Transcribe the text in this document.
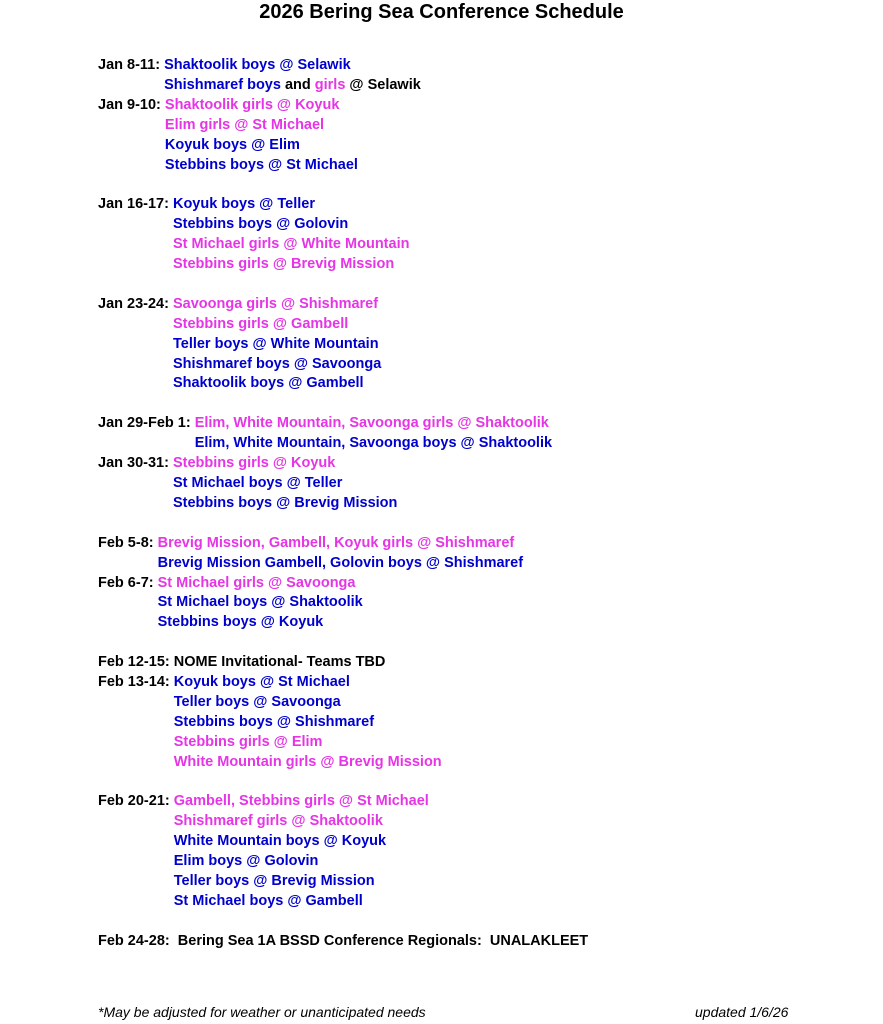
2026 Bering Sea Conference Schedule
Jan 8-11: Shaktoolik boys @ Selawik
Shishmaref boys and girls @ Selawik
Jan 9-10: Shaktoolik girls @ Koyuk
Elim girls @ St Michael
Koyuk boys @ Elim
Stebbins boys @ St Michael
Jan 16-17: Koyuk boys @ Teller
Stebbins boys @ Golovin
St Michael girls @ White Mountain
Stebbins girls @ Brevig Mission
Jan 23-24: Savoonga girls @ Shishmaref
Stebbins girls @ Gambell
Teller boys @ White Mountain
Shishmaref boys @ Savoonga
Shaktoolik boys @ Gambell
Jan 29-Feb 1: Elim, White Mountain, Savoonga girls @ Shaktoolik
Elim, White Mountain, Savoonga boys @ Shaktoolik
Jan 30-31: Stebbins girls @ Koyuk
St Michael boys @ Teller
Stebbins boys @ Brevig Mission
Feb 5-8: Brevig Mission, Gambell, Koyuk girls @ Shishmaref
Brevig Mission Gambell, Golovin boys @ Shishmaref
Feb 6-7: St Michael girls @ Savoonga
St Michael boys @ Shaktoolik
Stebbins boys @ Koyuk
Feb 12-15: NOME Invitational- Teams TBD
Feb 13-14: Koyuk boys @ St Michael
Teller boys @ Savoonga
Stebbins boys @ Shishmaref
Stebbins girls @ Elim
White Mountain girls @ Brevig Mission
Feb 20-21: Gambell, Stebbins girls @ St Michael
Shishmaref girls @ Shaktoolik
White Mountain boys @ Koyuk
Elim boys @ Golovin
Teller boys @ Brevig Mission
St Michael boys @ Gambell
Feb 24-28: Bering Sea 1A BSSD Conference Regionals:  UNALAKLEET
*May be adjusted for weather or unanticipated needs	updated 1/6/26
